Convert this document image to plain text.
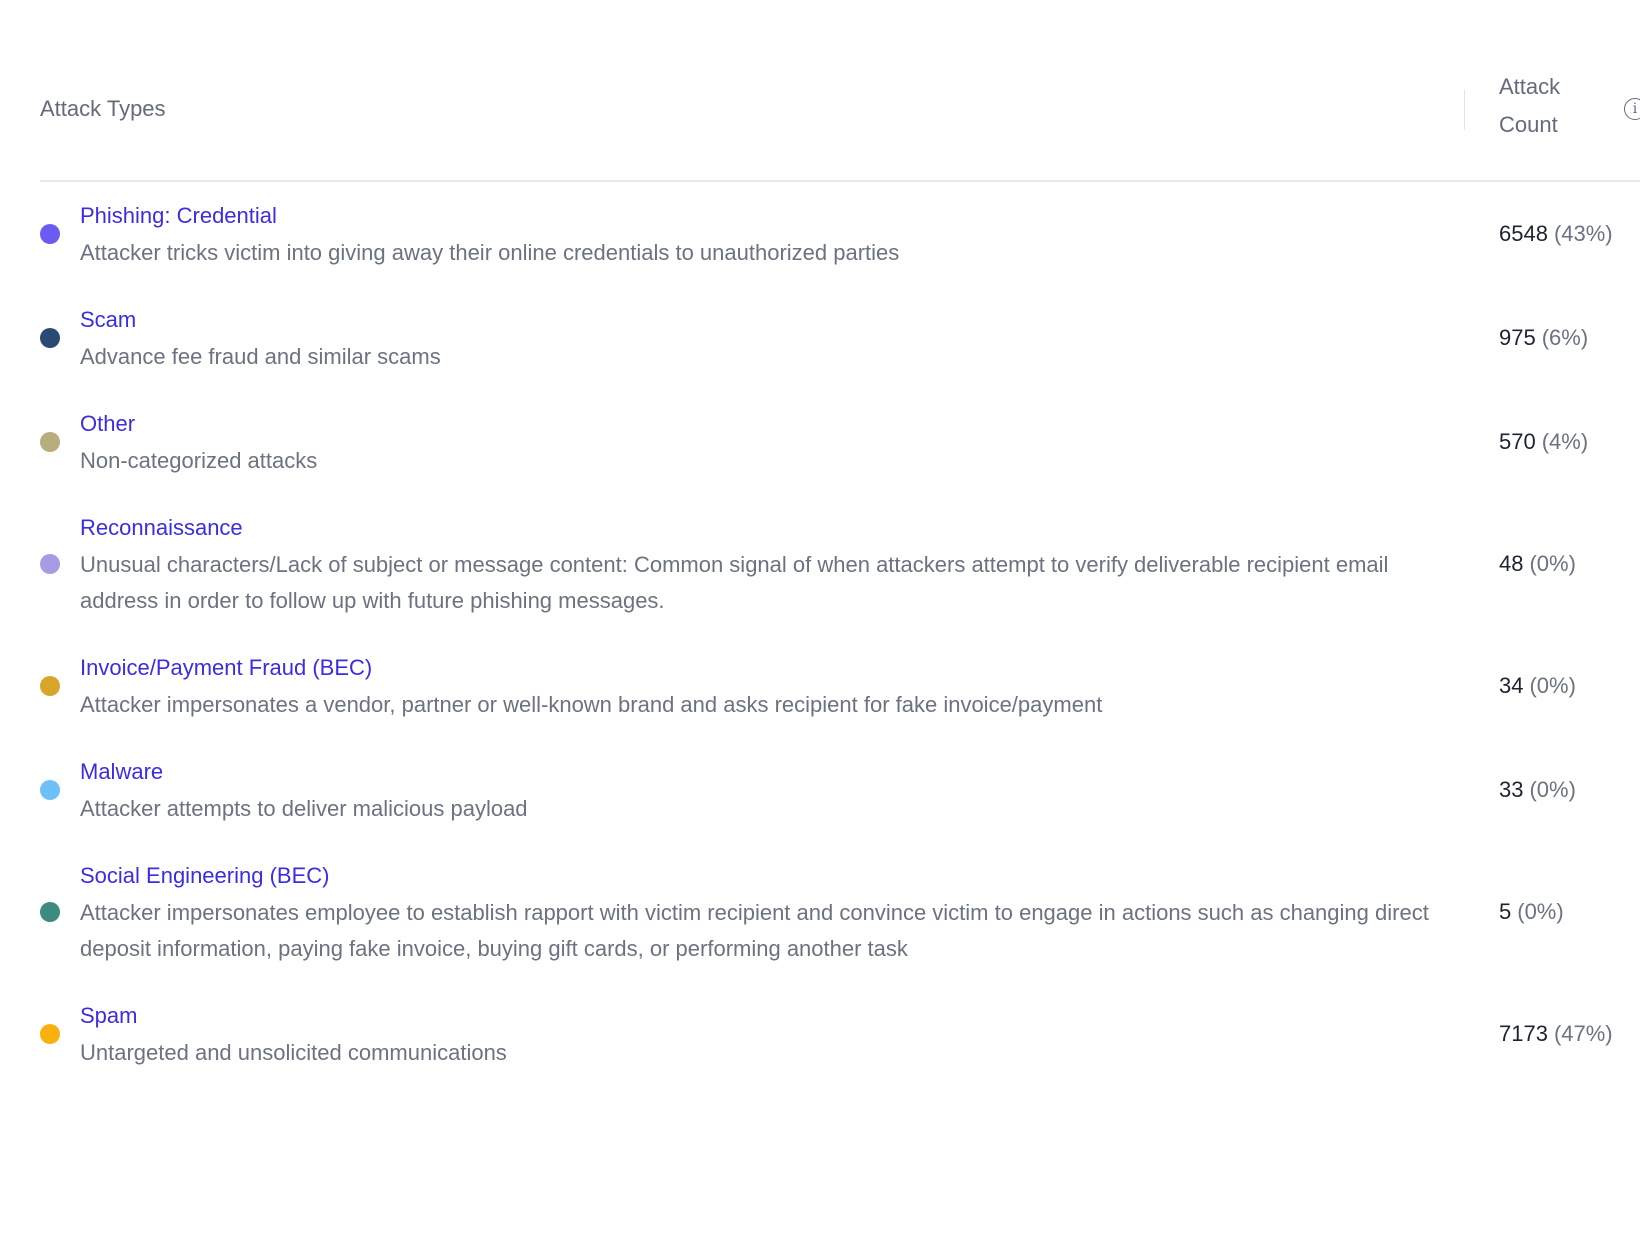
Attack Types
Attack
Count
i
Phishing: Credential
Attacker tricks victim into giving away their online credentials to unauthorized parties
6548 (43%)
Scam
Advance fee fraud and similar scams
975 (6%)
Other
Non-categorized attacks
570 (4%)
Reconnaissance
Unusual characters/Lack of subject or message content: Common signal of when attackers attempt to verify deliverable recipient email address in order to follow up with future phishing messages.
48 (0%)
Invoice/Payment Fraud (BEC)
Attacker impersonates a vendor, partner or well-known brand and asks recipient for fake invoice/payment
34 (0%)
Malware
Attacker attempts to deliver malicious payload
33 (0%)
Social Engineering (BEC)
Attacker impersonates employee to establish rapport with victim recipient and convince victim to engage in actions such as changing direct deposit information, paying fake invoice, buying gift cards, or performing another task
5 (0%)
Spam
Untargeted and unsolicited communications
7173 (47%)
